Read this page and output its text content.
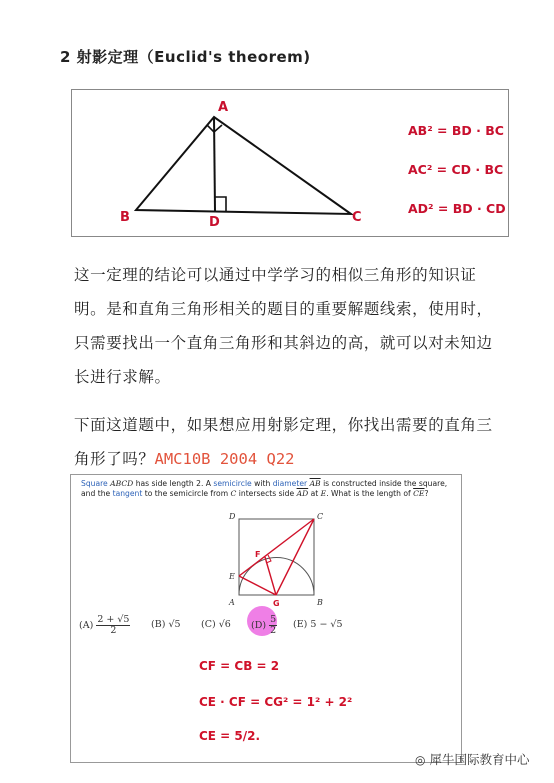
2 射影定理（Euclid's theorem)
A
B	D	C
AB² = BD · BC
AC² = CD · BC
AD² = BD · CD
这一定理的结论可以通过中学学习的相似三角形的知识证明。是和直角三角形相关的题目的重要解题线索，使用时，只需要找出一个直角三角形和其斜边的高，就可以对未知边长进行求解。
下面这道题中，如果想应用射影定理，你找出需要的直角三角形了吗？AMC10B 2004 Q22
Square ABCD has side length 2. A semicircle with diameter $\overline{AB}$ is constructed inside the square, and the tangent to the semicircle from C intersects side $\overline{AD}$ at E. What is the length of $\overline{CE}$?
D	C
E
A	B
F
G
$(A) \frac{2 + √5}{2} (B)$ √5 (C) √6 $(D) \frac{5}{2} (E) 5 - √5$
CF = CB = 2
CE · CF = CG² = 1² + 2²
CE = 5/2.
◎ 犀牛国际教育中心
